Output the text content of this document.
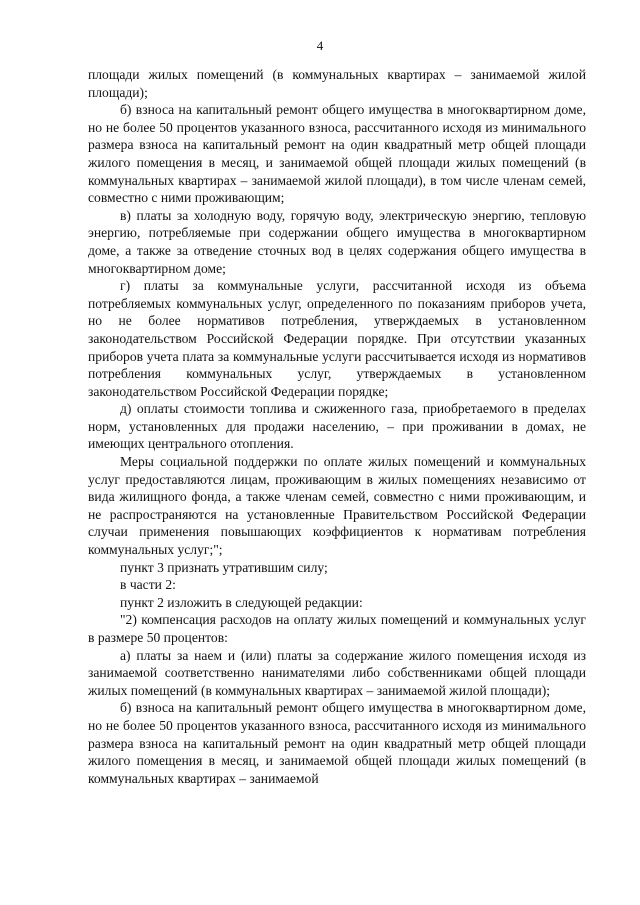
4

площади жилых помещений (в коммунальных квартирах – занимаемой жилой площади);

б) взноса на капитальный ремонт общего имущества в многоквартирном доме, но не более 50 процентов указанного взноса, рассчитанного исходя из минимального размера взноса на капитальный ремонт на один квадратный метр общей площади жилого помещения в месяц, и занимаемой общей площади жилых помещений (в коммунальных квартирах – занимаемой жилой площади), в том числе членам семей, совместно с ними проживающим;

в) платы за холодную воду, горячую воду, электрическую энергию, тепловую энергию, потребляемые при содержании общего имущества в многоквартирном доме, а также за отведение сточных вод в целях содержания общего имущества в многоквартирном доме;

г) платы за коммунальные услуги, рассчитанной исходя из объема потребляемых коммунальных услуг, определенного по показаниям приборов учета, но не более нормативов потребления, утверждаемых в установленном законодательством Российской Федерации порядке. При отсутствии указанных приборов учета плата за коммунальные услуги рассчитывается исходя из нормативов потребления коммунальных услуг, утверждаемых в установленном законодательством Российской Федерации порядке;

д) оплаты стоимости топлива и сжиженного газа, приобретаемого в пределах норм, установленных для продажи населению, – при проживании в домах, не имеющих центрального отопления.

Меры социальной поддержки по оплате жилых помещений и коммунальных услуг предоставляются лицам, проживающим в жилых помещениях независимо от вида жилищного фонда, а также членам семей, совместно с ними проживающим, и не распространяются на установленные Правительством Российской Федерации случаи применения повышающих коэффициентов к нормативам потребления коммунальных услуг;";

пункт 3 признать утратившим силу;

в части 2:

пункт 2 изложить в следующей редакции:

"2) компенсация расходов на оплату жилых помещений и коммунальных услуг в размере 50 процентов:

а) платы за наем и (или) платы за содержание жилого помещения исходя из занимаемой соответственно нанимателями либо собственниками общей площади жилых помещений (в коммунальных квартирах – занимаемой жилой площади);

б) взноса на капитальный ремонт общего имущества в многоквартирном доме, но не более 50 процентов указанного взноса, рассчитанного исходя из минимального размера взноса на капитальный ремонт на один квадратный метр общей площади жилого помещения в месяц, и занимаемой общей площади жилых помещений (в коммунальных квартирах – занимаемой
